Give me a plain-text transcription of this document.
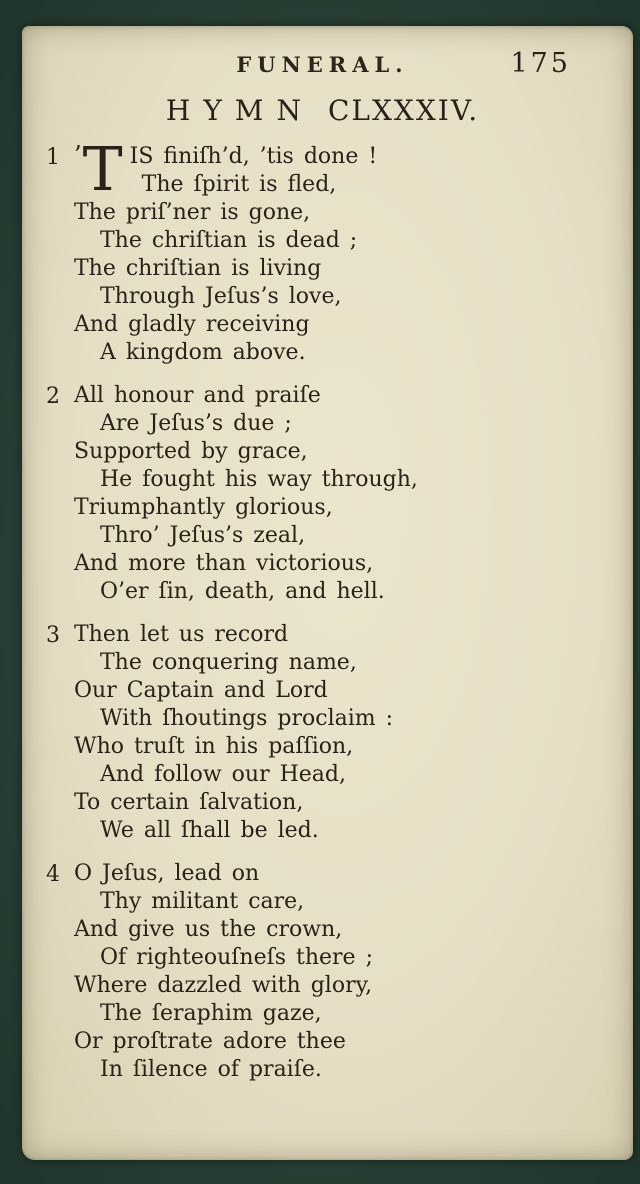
FUNERAL.	175
HYMN CLXXXIV.
1 ’ T IS finiſh’d, ’tis done !
The ſpirit is fled,
The priſ’ner is gone,
The chriſtian is dead ;
The chriſtian is living
Through Jeſus’s love,
And gladly receiving
A kingdom above.
2 All honour and praiſe
Are Jeſus’s due ;
Supported by grace,
He fought his way through,
Triumphantly glorious,
Thro’ Jeſus’s zeal,
And more than victorious,
O’er ſin, death, and hell.
3 Then let us record
The conquering name,
Our Captain and Lord
With ſhoutings proclaim :
Who truſt in his paſſion,
And follow our Head,
To certain ſalvation,
We all ſhall be led.
4 O Jeſus, lead on
Thy militant care,
And give us the crown,
Of righteouſneſs there ;
Where dazzled with glory,
The ſeraphim gaze,
Or proſtrate adore thee
In ſilence of praiſe.
